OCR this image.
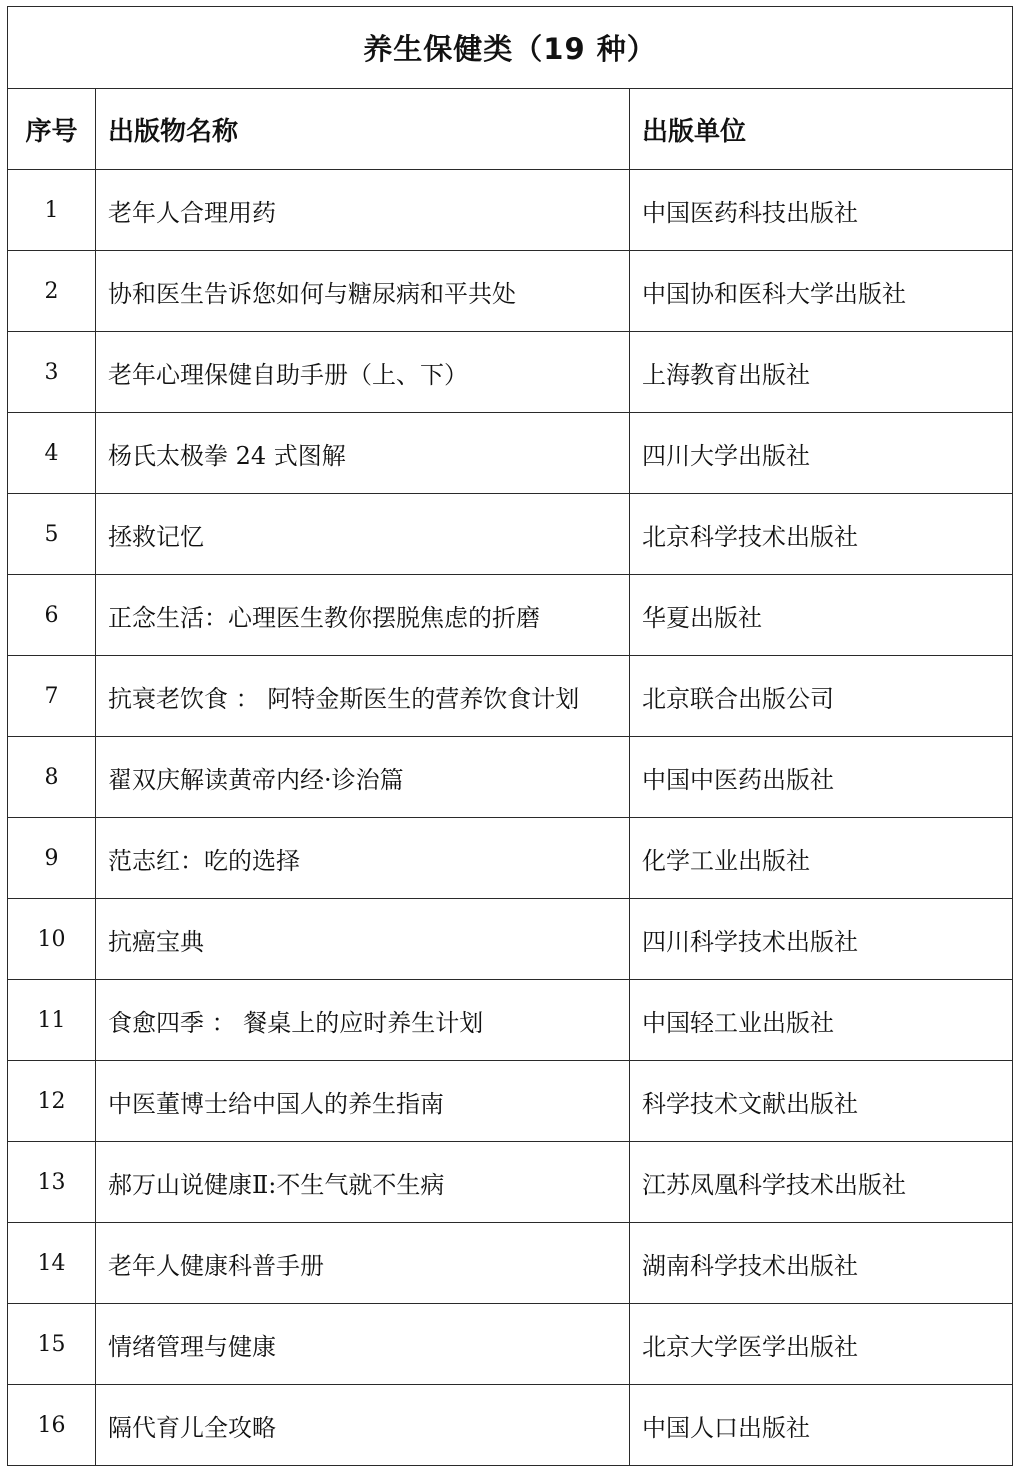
养生保健类（19 种）		
序号	出版物名称	出版单位
1	老年人合理用药	中国医药科技出版社
2	协和医生告诉您如何与糖尿病和平共处	中国协和医科大学出版社
3	老年心理保健自助手册（上、下）	上海教育出版社
4	杨氏太极拳 24 式图解	四川大学出版社
5	拯救记忆	北京科学技术出版社
6	正念生活：心理医生教你摆脱焦虑的折磨	华夏出版社
7	抗衰老饮食 ： 阿特金斯医生的营养饮食计划	北京联合出版公司
8	翟双庆解读黄帝内经·诊治篇	中国中医药出版社
9	范志红：吃的选择	化学工业出版社
10	抗癌宝典	四川科学技术出版社
11	食愈四季 ： 餐桌上的应时养生计划	中国轻工业出版社
12	中医董博士给中国人的养生指南	科学技术文献出版社
13	郝万山说健康Ⅱ:不生气就不生病	江苏凤凰科学技术出版社
14	老年人健康科普手册	湖南科学技术出版社
15	情绪管理与健康	北京大学医学出版社
16	隔代育儿全攻略	中国人口出版社
